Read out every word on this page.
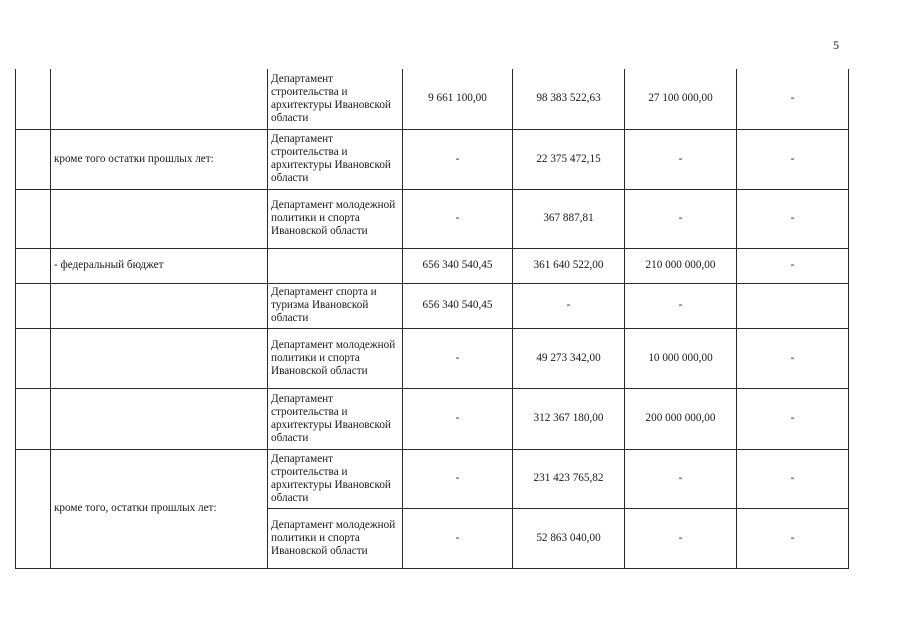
5
		Департамент строительства и архитектуры Ивановской области	9 661 100,00	98 383 522,63	27 100 000,00	-
	кроме того остатки прошлых лет:	Департамент строительства и архитектуры Ивановской области	-	22 375 472,15	-	-
		Департамент молодежной политики и спорта Ивановской области	-	367 887,81	-	-
	- федеральный бюджет		656 340 540,45	361 640 522,00	210 000 000,00	-
		Департамент спорта и туризма Ивановской области	656 340 540,45	-	-	
		Департамент молодежной политики и спорта Ивановской области	-	49 273 342,00	10 000 000,00	-
		Департамент строительства и архитектуры Ивановской области	-	312 367 180,00	200 000 000,00	-
	кроме того, остатки прошлых лет:	Департамент строительства и архитектуры Ивановской области	-	231 423 765,82	-	-
		Департамент молодежной политики и спорта Ивановской области	-	52 863 040,00	-	-
